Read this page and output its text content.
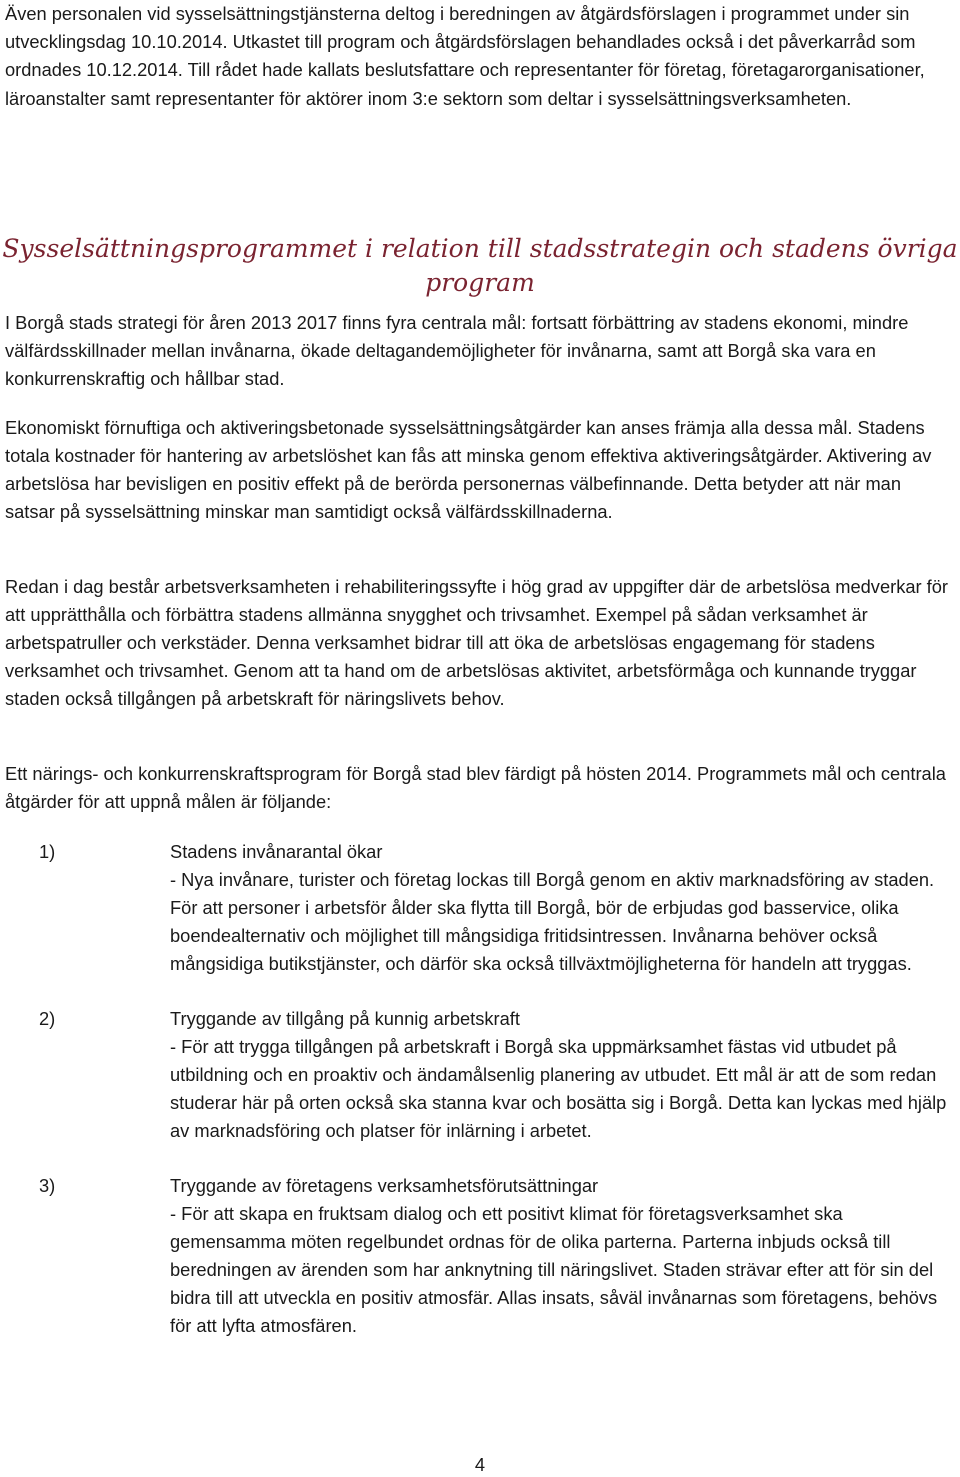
Även personalen vid sysselsättningstjänsterna deltog i beredningen av åtgärdsförslagen i programmet under sin utvecklingsdag 10.10.2014. Utkastet till program och åtgärdsförslagen behandlades också i det påverkarråd som ordnades 10.12.2014. Till rådet hade kallats beslutsfattare och representanter för företag, företagarorganisationer, läroanstalter samt representanter för aktörer inom 3:e sektorn som deltar i sysselsättningsverksamheten.

Sysselsättningsprogrammet i relation till stadsstrategin och stadens övriga program

I Borgå stads strategi för åren 2013 2017 finns fyra centrala mål: fortsatt förbättring av stadens ekonomi, mindre välfärdsskillnader mellan invånarna, ökade deltagandemöjligheter för invånarna, samt att Borgå ska vara en konkurrenskraftig och hållbar stad.

Ekonomiskt förnuftiga och aktiveringsbetonade sysselsättningsåtgärder kan anses främja alla dessa mål. Stadens totala kostnader för hantering av arbetslöshet kan fås att minska genom effektiva aktiveringsåtgärder. Aktivering av arbetslösa har bevisligen en positiv effekt på de berörda personernas välbefinnande. Detta betyder att när man satsar på sysselsättning minskar man samtidigt också välfärdsskillnaderna.

Redan i dag består arbetsverksamheten i rehabiliteringssyfte i hög grad av uppgifter där de arbetslösa medverkar för att upprätthålla och förbättra stadens allmänna snygghet och trivsamhet. Exempel på sådan verksamhet är arbetspatruller och verkstäder. Denna verksamhet bidrar till att öka de arbetslösas engagemang för stadens verksamhet och trivsamhet. Genom att ta hand om de arbetslösas aktivitet, arbetsförmåga och kunnande tryggar staden också tillgången på arbetskraft för näringslivets behov.

Ett närings- och konkurrenskraftsprogram för Borgå stad blev färdigt på hösten 2014. Programmets mål och centrala åtgärder för att uppnå målen är följande:

1)	Stadens invånarantal ökar
- Nya invånare, turister och företag lockas till Borgå genom en aktiv marknadsföring av staden. För att personer i arbetsför ålder ska flytta till Borgå, bör de erbjudas god basservice, olika boendealternativ och möjlighet till mångsidiga fritidsintressen. Invånarna behöver också mångsidiga butikstjänster, och därför ska också tillväxtmöjligheterna för handeln att tryggas.
2)	Tryggande av tillgång på kunnig arbetskraft
- För att trygga tillgången på arbetskraft i Borgå ska uppmärksamhet fästas vid utbudet på utbildning och en proaktiv och ändamålsenlig planering av utbudet. Ett mål är att de som redan studerar här på orten också ska stanna kvar och bosätta sig i Borgå. Detta kan lyckas med hjälp av marknadsföring och platser för inlärning i arbetet.
3)	Tryggande av företagens verksamhetsförutsättningar
- För att skapa en fruktsam dialog och ett positivt klimat för företagsverksamhet ska gemensamma möten regelbundet ordnas för de olika parterna. Parterna inbjuds också till beredningen av ärenden som har anknytning till näringslivet. Staden strävar efter att för sin del bidra till att utveckla en positiv atmosfär. Allas insats, såväl invånarnas som företagens, behövs för att lyfta atmosfären.
4
